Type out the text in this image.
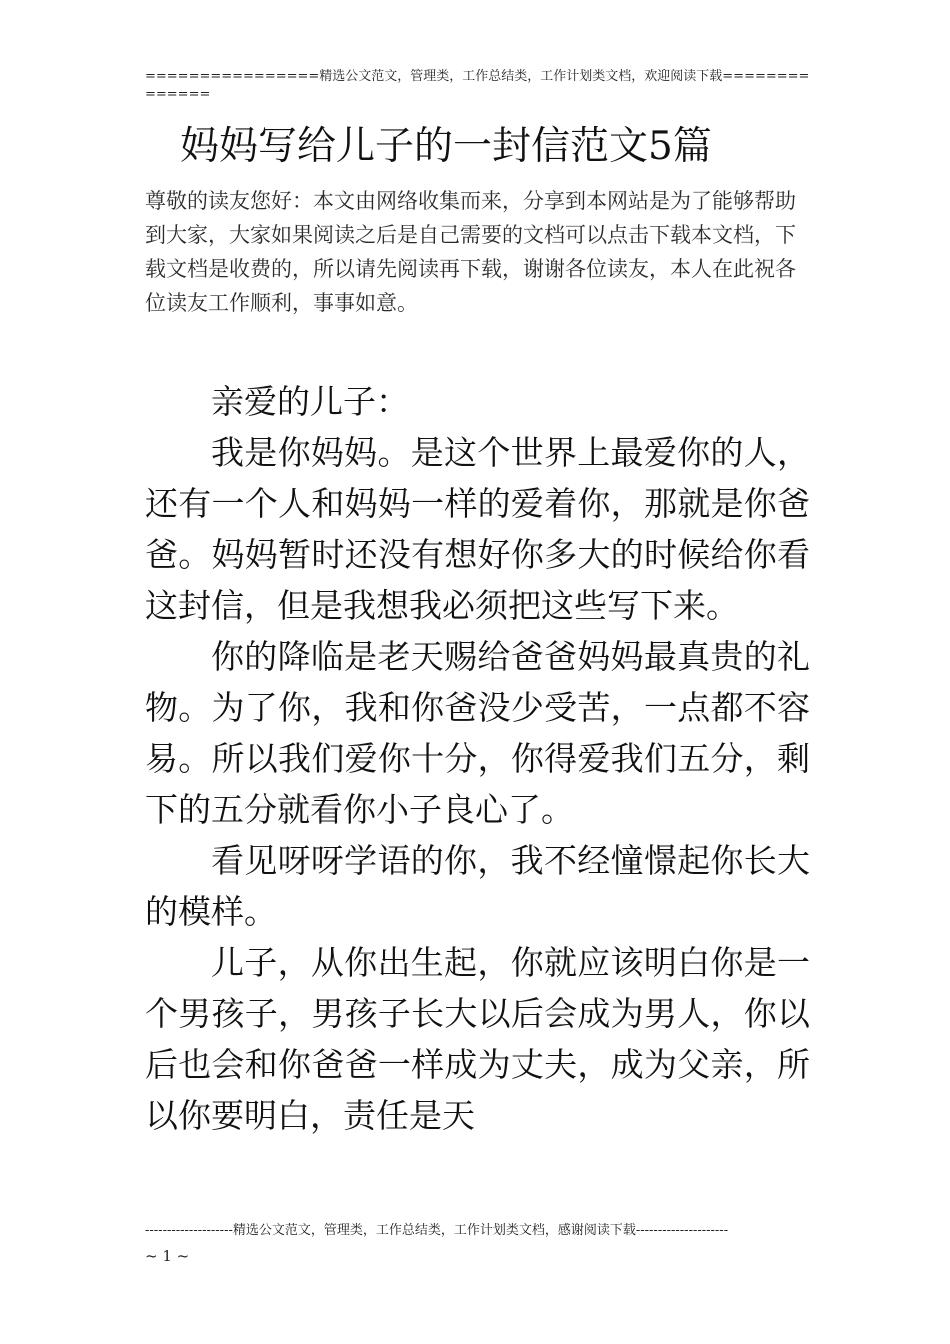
================精选公文范文，管理类，工作总结类，工作计划类文档，欢迎阅读下载==============
妈妈写给儿子的一封信范文5篇

尊敬的读友您好：本文由网络收集而来，分享到本网站是为了能够帮助到大家，大家如果阅读之后是自己需要的文档可以点击下载本文档，下载文档是收费的，所以请先阅读再下载，谢谢各位读友，本人在此祝各位读友工作顺利，事事如意。

亲爱的儿子：

我是你妈妈。是这个世界上最爱你的人，还有一个人和妈妈一样的爱着你，那就是你爸爸。妈妈暂时还没有想好你多大的时候给你看这封信，但是我想我必须把这些写下来。

你的降临是老天赐给爸爸妈妈最真贵的礼物。为了你，我和你爸没少受苦，一点都不容易。所以我们爱你十分，你得爱我们五分，剩下的五分就看你小子良心了。

看见呀呀学语的你，我不经憧憬起你长大的模样。

儿子，从你出生起，你就应该明白你是一个男孩子，男孩子长大以后会成为男人，你以后也会和你爸爸一样成为丈夫，成为父亲，所以你要明白，责任是天

--------------------精选公文范文，管理类，工作总结类，工作计划类文档，感谢阅读下载---------------------
~ 1 ~
